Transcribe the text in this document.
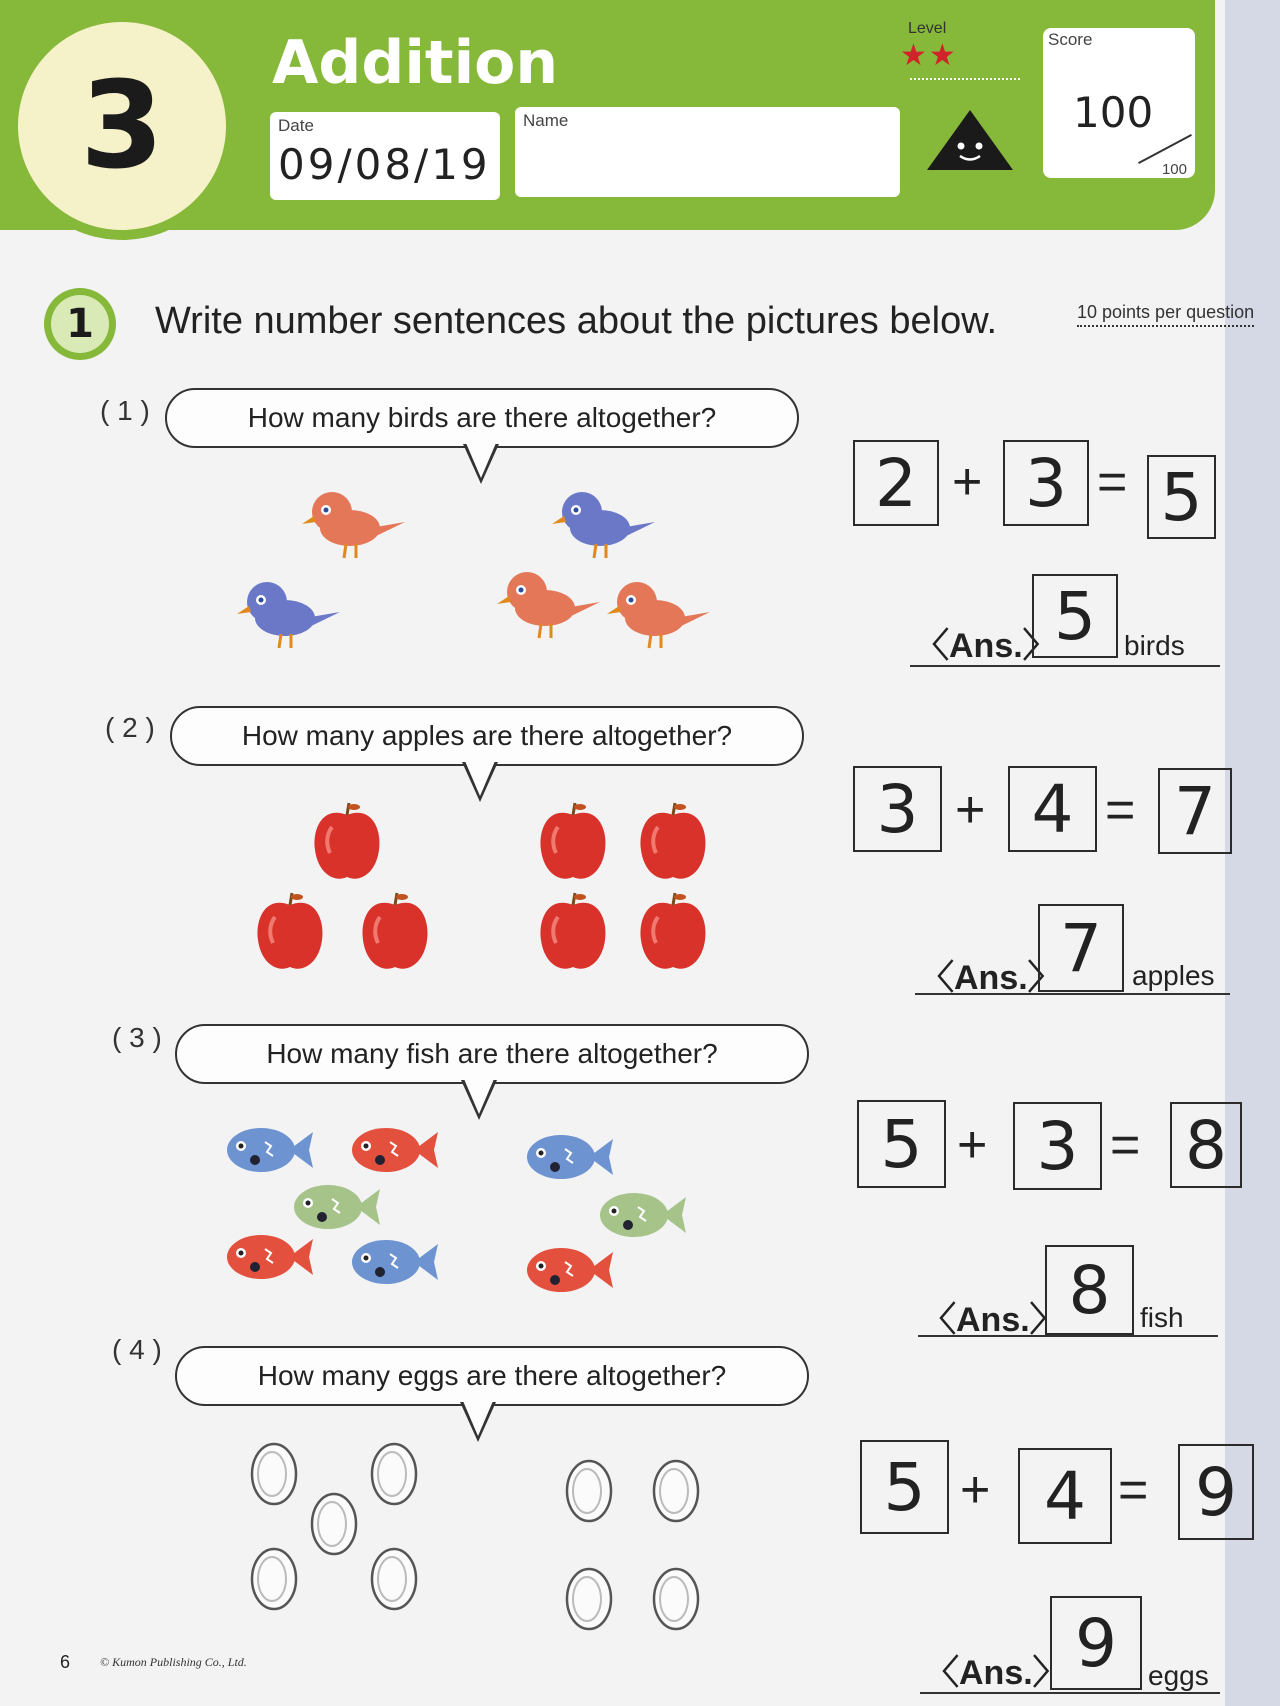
3	Addition
Date
09/08/19
Name
Level
★★	Score
100
100
1	Write number sentences about the pictures below.	10 points per question
( 1 )	How many birds are there altogether?
2 + 3 = 5
〈Ans.〉
5	birds
( 2 )	How many apples are there altogether?
3 + 4 = 7
〈Ans.〉
7	apples
( 3 )
How many fish are there altogether?
5 + 3 = 8
〈Ans.〉 8	fish
( 4 )
How many eggs are there altogether?
5 + 4 = 9
〈Ans.〉 9	eggs
6 © Kumon Publishing Co., Ltd.
